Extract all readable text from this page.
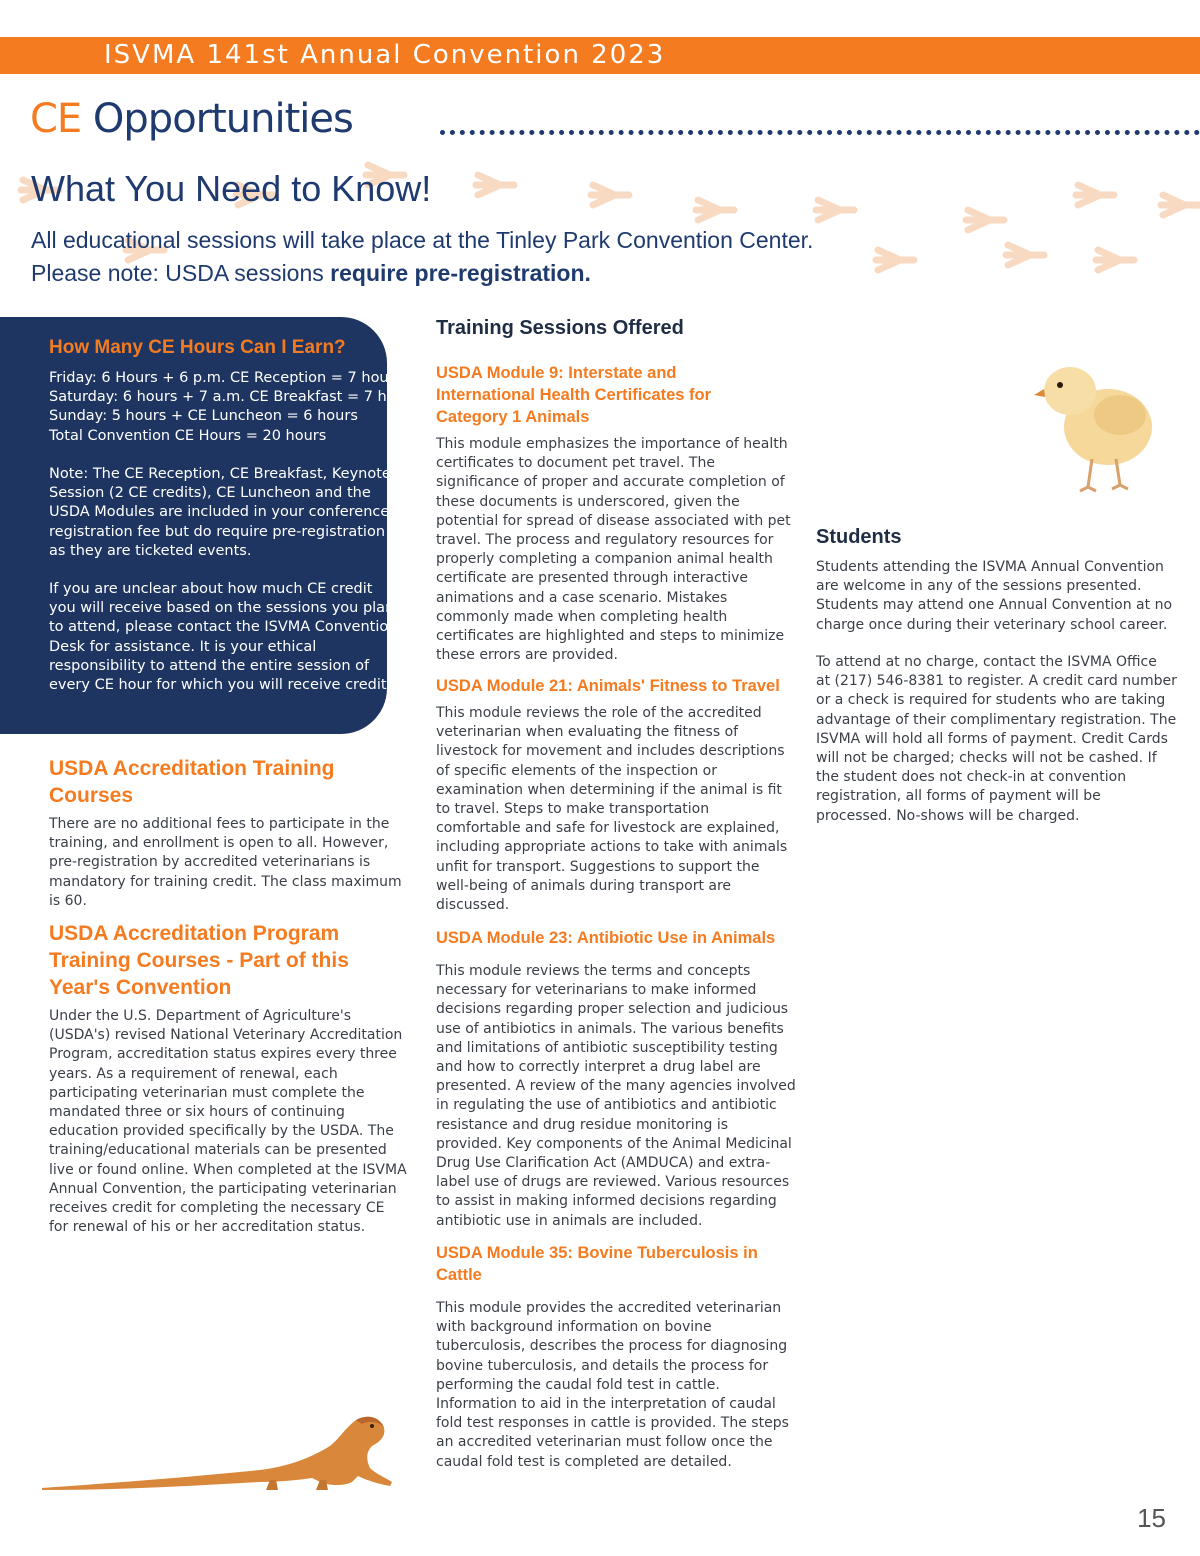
ISVMA 141st Annual Convention 2023
CE Opportunities
What You Need to Know!
All educational sessions will take place at the Tinley Park Convention Center.
Please note: USDA sessions require pre-registration.
How Many CE Hours Can I Earn?
Friday: 6 Hours + 6 p.m. CE Reception = 7 hours
Saturday: 6 hours + 7 a.m. CE Breakfast = 7 hours
Sunday: 5 hours + CE Luncheon = 6 hours
Total Convention CE Hours = 20 hours
Note: The CE Reception, CE Breakfast, Keynote
Session (2 CE credits), CE Luncheon and the
USDA Modules are included in your conference
registration fee but do require pre-registration
as they are ticketed events.
If you are unclear about how much CE credit
you will receive based on the sessions you plan
to attend, please contact the ISVMA Convention
Desk for assistance. It is your ethical
responsibility to attend the entire session of
every CE hour for which you will receive credit.
USDA Accreditation Training
Courses
There are no additional fees to participate in the
training, and enrollment is open to all. However,
pre-registration by accredited veterinarians is
mandatory for training credit. The class maximum
is 60.
USDA Accreditation Program
Training Courses - Part of this
Year's Convention
Under the U.S. Department of Agriculture's
(USDA's) revised National Veterinary Accreditation
Program, accreditation status expires every three
years. As a requirement of renewal, each
participating veterinarian must complete the
mandated three or six hours of continuing
education provided specifically by the USDA. The
training/educational materials can be presented
live or found online. When completed at the ISVMA
Annual Convention, the participating veterinarian
receives credit for completing the necessary CE
for renewal of his or her accreditation status.
Training Sessions Offered
USDA Module 9: Interstate and
International Health Certificates for
Category 1 Animals
This module emphasizes the importance of health
certificates to document pet travel. The
significance of proper and accurate completion of
these documents is underscored, given the
potential for spread of disease associated with pet
travel. The process and regulatory resources for
properly completing a companion animal health
certificate are presented through interactive
animations and a case scenario. Mistakes
commonly made when completing health
certificates are highlighted and steps to minimize
these errors are provided.
USDA Module 21: Animals' Fitness to Travel
This module reviews the role of the accredited
veterinarian when evaluating the fitness of
livestock for movement and includes descriptions
of specific elements of the inspection or
examination when determining if the animal is fit
to travel. Steps to make transportation
comfortable and safe for livestock are explained,
including appropriate actions to take with animals
unfit for transport. Suggestions to support the
well-being of animals during transport are
discussed.
USDA Module 23: Antibiotic Use in Animals
This module reviews the terms and concepts
necessary for veterinarians to make informed
decisions regarding proper selection and judicious
use of antibiotics in animals. The various benefits
and limitations of antibiotic susceptibility testing
and how to correctly interpret a drug label are
presented. A review of the many agencies involved
in regulating the use of antibiotics and antibiotic
resistance and drug residue monitoring is
provided. Key components of the Animal Medicinal
Drug Use Clarification Act (AMDUCA) and extra-
label use of drugs are reviewed. Various resources
to assist in making informed decisions regarding
antibiotic use in animals are included.
USDA Module 35: Bovine Tuberculosis in
Cattle
This module provides the accredited veterinarian
with background information on bovine
tuberculosis, describes the process for diagnosing
bovine tuberculosis, and details the process for
performing the caudal fold test in cattle.
Information to aid in the interpretation of caudal
fold test responses in cattle is provided. The steps
an accredited veterinarian must follow once the
caudal fold test is completed are detailed.
Students
Students attending the ISVMA Annual Convention
are welcome in any of the sessions presented.
Students may attend one Annual Convention at no
charge once during their veterinary school career.
To attend at no charge, contact the ISVMA Office
at (217) 546-8381 to register. A credit card number
or a check is required for students who are taking
advantage of their complimentary registration. The
ISVMA will hold all forms of payment. Credit Cards
will not be charged; checks will not be cashed. If
the student does not check-in at convention
registration, all forms of payment will be
processed. No-shows will be charged.
15
